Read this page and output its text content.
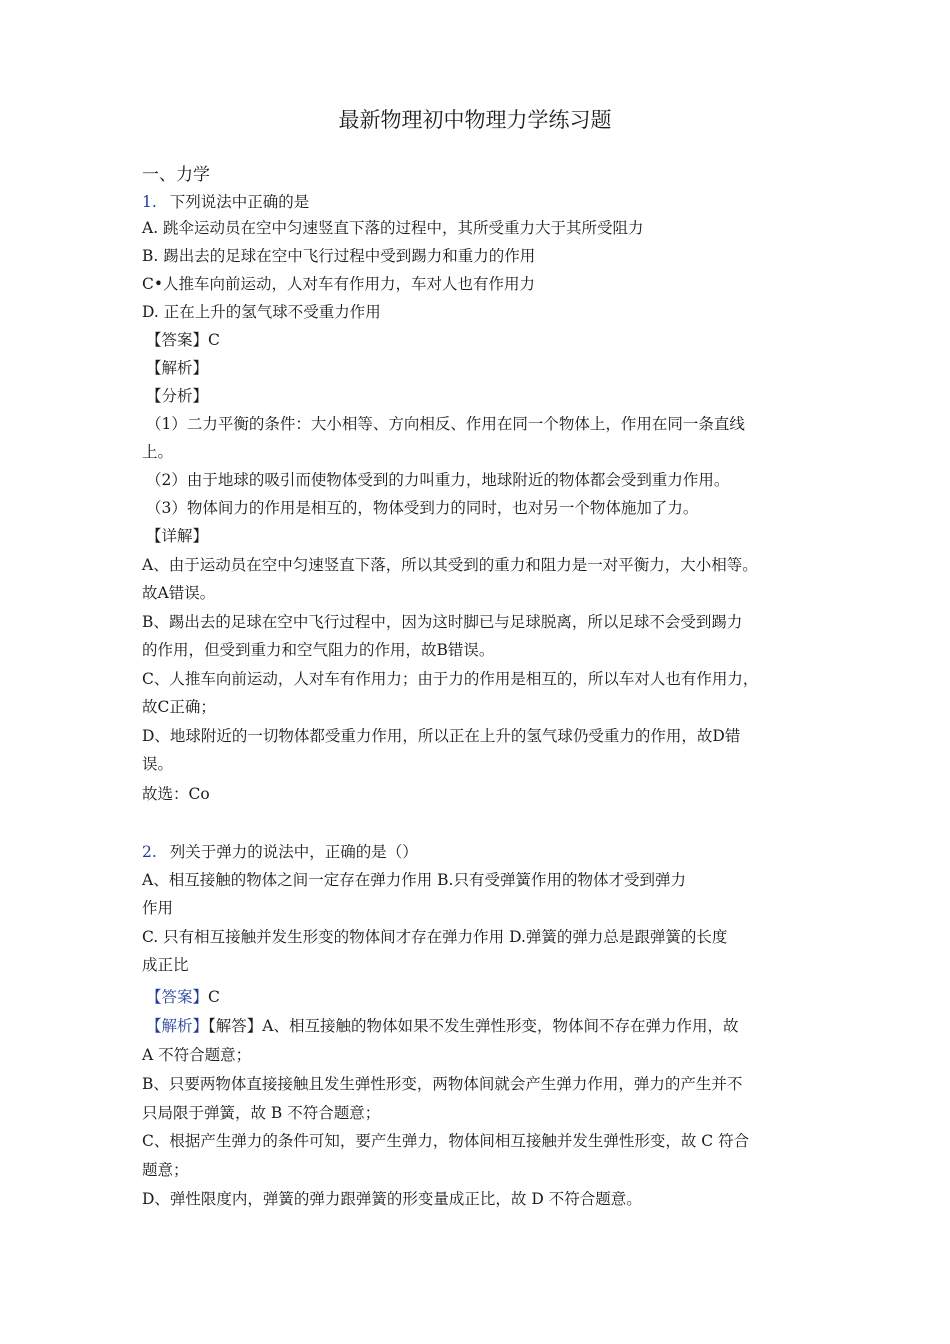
最新物理初中物理力学练习题
一、力学
1. 下列说法中正确的是
A. 跳伞运动员在空中匀速竖直下落的过程中，其所受重力大于其所受阻力
B. 踢出去的足球在空中飞行过程中受到踢力和重力的作用
C•人推车向前运动，人对车有作用力，车对人也有作用力
D. 正在上升的氢气球不受重力作用
【答案】C
【解析】
【分析】
（1）二力平衡的条件：大小相等、方向相反、作用在同一个物体上，作用在同一条直线
上。
（2）由于地球的吸引而使物体受到的力叫重力，地球附近的物体都会受到重力作用。
（3）物体间力的作用是相互的，物体受到力的同时，也对另一个物体施加了力。
【详解】
A、由于运动员在空中匀速竖直下落，所以其受到的重力和阻力是一对平衡力，大小相等。
故A错误。
B、踢出去的足球在空中飞行过程中，因为这时脚已与足球脱离，所以足球不会受到踢力
的作用，但受到重力和空气阻力的作用，故B错误。
C、人推车向前运动，人对车有作用力；由于力的作用是相互的，所以车对人也有作用力，
故C正确；
D、地球附近的一切物体都受重力作用，所以正在上升的氢气球仍受重力的作用，故D错
误。
故选：Co
2. 列关于弹力的说法中，正确的是（）
A、相互接触的物体之间一定存在弹力作用 B.只有受弹簧作用的物体才受到弹力
作用
C. 只有相互接触并发生形变的物体间才存在弹力作用 D.弹簧的弹力总是跟弹簧的长度
成正比
【答案】C
【解析】【解答】A、相互接触的物体如果不发生弹性形变，物体间不存在弹力作用，故
A 不符合题意；
B、只要两物体直接接触且发生弹性形变，两物体间就会产生弹力作用，弹力的产生并不
只局限于弹簧，故 B 不符合题意；
C、根据产生弹力的条件可知，要产生弹力，物体间相互接触并发生弹性形变，故 C 符合
题意；
D、弹性限度内，弹簧的弹力跟弹簧的形变量成正比，故 D 不符合题意。
